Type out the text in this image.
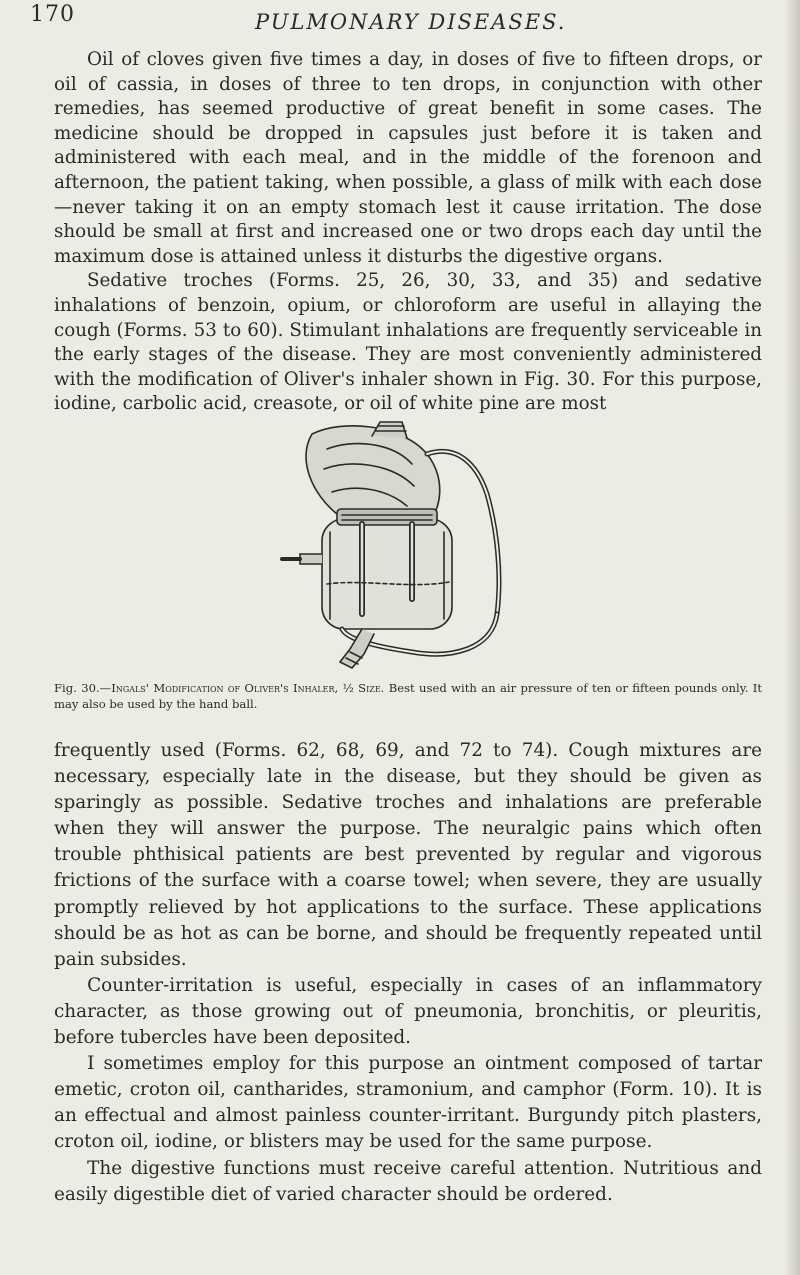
170	PULMONARY DISEASES.

Oil of cloves given five times a day, in doses of five to fifteen drops, or oil of cassia, in doses of three to ten drops, in conjunction with other remedies, has seemed productive of great benefit in some cases. The medicine should be dropped in capsules just before it is taken and administered with each meal, and in the middle of the forenoon and afternoon, the patient taking, when possible, a glass of milk with each dose—never taking it on an empty stomach lest it cause irritation. The dose should be small at first and increased one or two drops each day until the maximum dose is attained unless it disturbs the digestive organs.

Sedative troches (Forms. 25, 26, 30, 33, and 35) and sedative inhalations of benzoin, opium, or chloroform are useful in allaying the cough (Forms. 53 to 60). Stimulant inhalations are frequently serviceable in the early stages of the disease. They are most conveniently administered with the modification of Oliver's inhaler shown in Fig. 30. For this purpose, iodine, carbolic acid, creasote, or oil of white pine are most

Fig. 30.—Ingals' Modification of Oliver's Inhaler, ½ Size. Best used with an air pressure of ten or fifteen pounds only. It may also be used by the hand ball.

frequently used (Forms. 62, 68, 69, and 72 to 74). Cough mixtures are necessary, especially late in the disease, but they should be given as sparingly as possible. Sedative troches and inhalations are preferable when they will answer the purpose. The neuralgic pains which often trouble phthisical patients are best prevented by regular and vigorous frictions of the surface with a coarse towel; when severe, they are usually promptly relieved by hot applications to the surface. These applications should be as hot as can be borne, and should be frequently repeated until pain subsides.

Counter-irritation is useful, especially in cases of an inflammatory character, as those growing out of pneumonia, bronchitis, or pleuritis, before tubercles have been deposited.

I sometimes employ for this purpose an ointment composed of tartar emetic, croton oil, cantharides, stramonium, and camphor (Form. 10). It is an effectual and almost painless counter-irritant. Burgundy pitch plasters, croton oil, iodine, or blisters may be used for the same purpose.

The digestive functions must receive careful attention. Nutritious and easily digestible diet of varied character should be ordered.
